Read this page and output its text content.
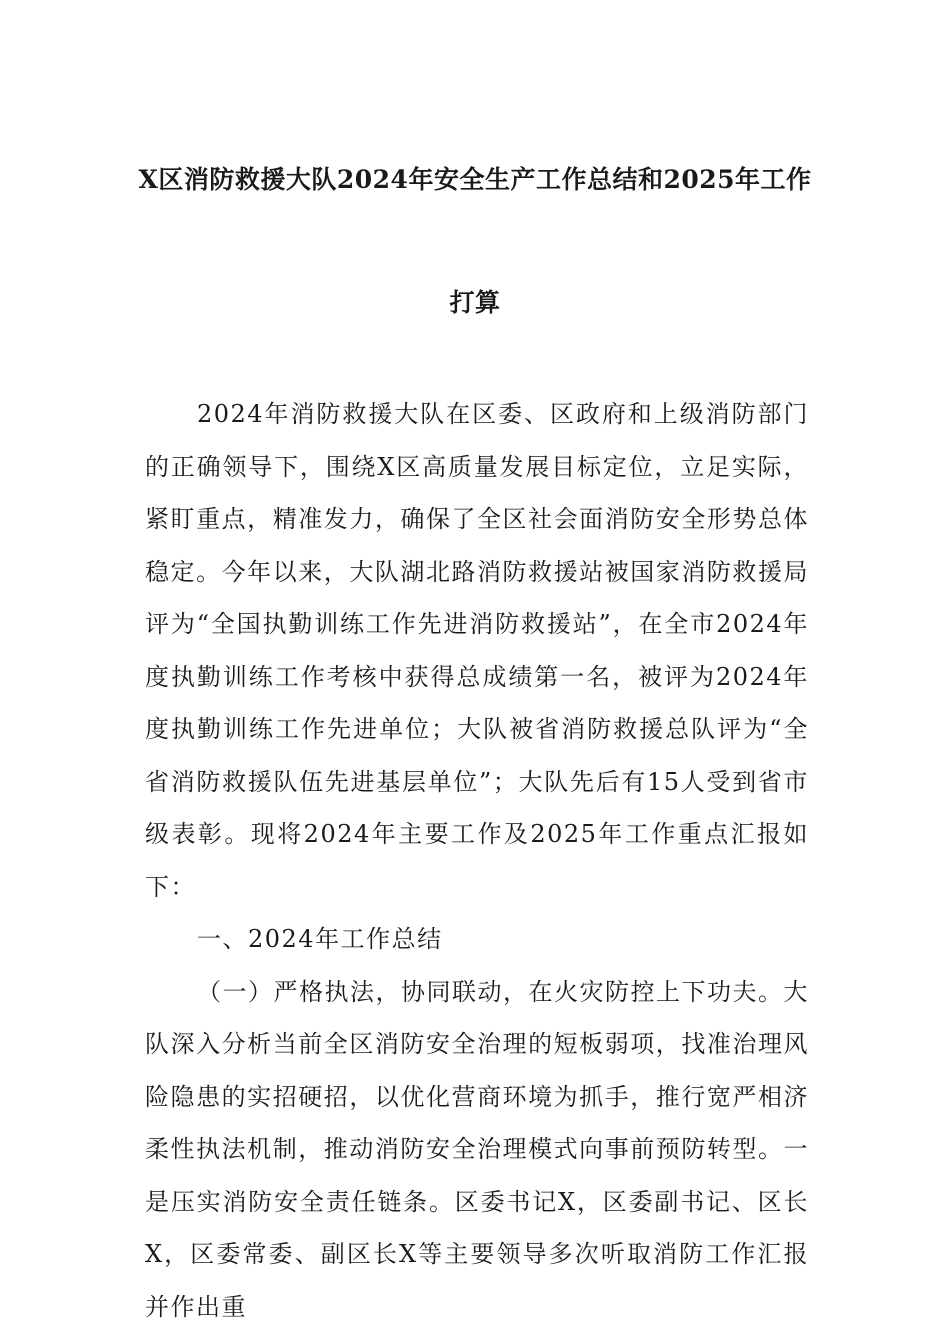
X区消防救援大队2024年安全生产工作总结和2025年工作
打算

2024年消防救援大队在区委、区政府和上级消防部门的正确领导下，围绕X区高质量发展目标定位，立足实际，紧盯重点，精准发力，确保了全区社会面消防安全形势总体稳定。今年以来，大队湖北路消防救援站被国家消防救援局评为“全国执勤训练工作先进消防救援站”，在全市2024年度执勤训练工作考核中获得总成绩第一名，被评为2024年度执勤训练工作先进单位；大队被省消防救援总队评为“全省消防救援队伍先进基层单位”；大队先后有15人受到省市级表彰。现将2024年主要工作及2025年工作重点汇报如下：

一、2024年工作总结

（一）严格执法，协同联动，在火灾防控上下功夫。大队深入分析当前全区消防安全治理的短板弱项，找准治理风险隐患的实招硬招，以优化营商环境为抓手，推行宽严相济柔性执法机制，推动消防安全治理模式向事前预防转型。一是压实消防安全责任链条。区委书记X，区委副书记、区长X，区委常委、副区长X等主要领导多次听取消防工作汇报并作出重
